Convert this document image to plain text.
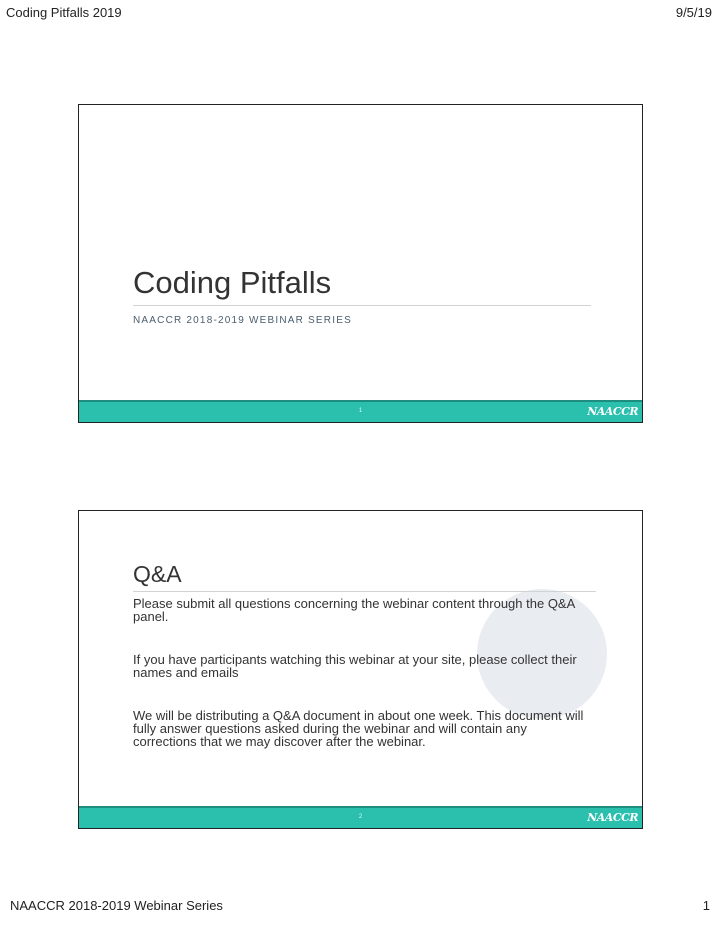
Coding Pitfalls 2019	9/5/19
Coding Pitfalls
NAACCR 2018-2019 WEBINAR SERIES
1	NAACCR
Q&A

Please submit all questions concerning the webinar content through the Q&A panel.

If you have participants watching this webinar at your site, please collect their names and emails

We will be distributing a Q&A document in about one week. This document will fully answer questions asked during the webinar and will contain any corrections that we may discover after the webinar.

2	NAACCR
NAACCR 2018-2019 Webinar Series	1
